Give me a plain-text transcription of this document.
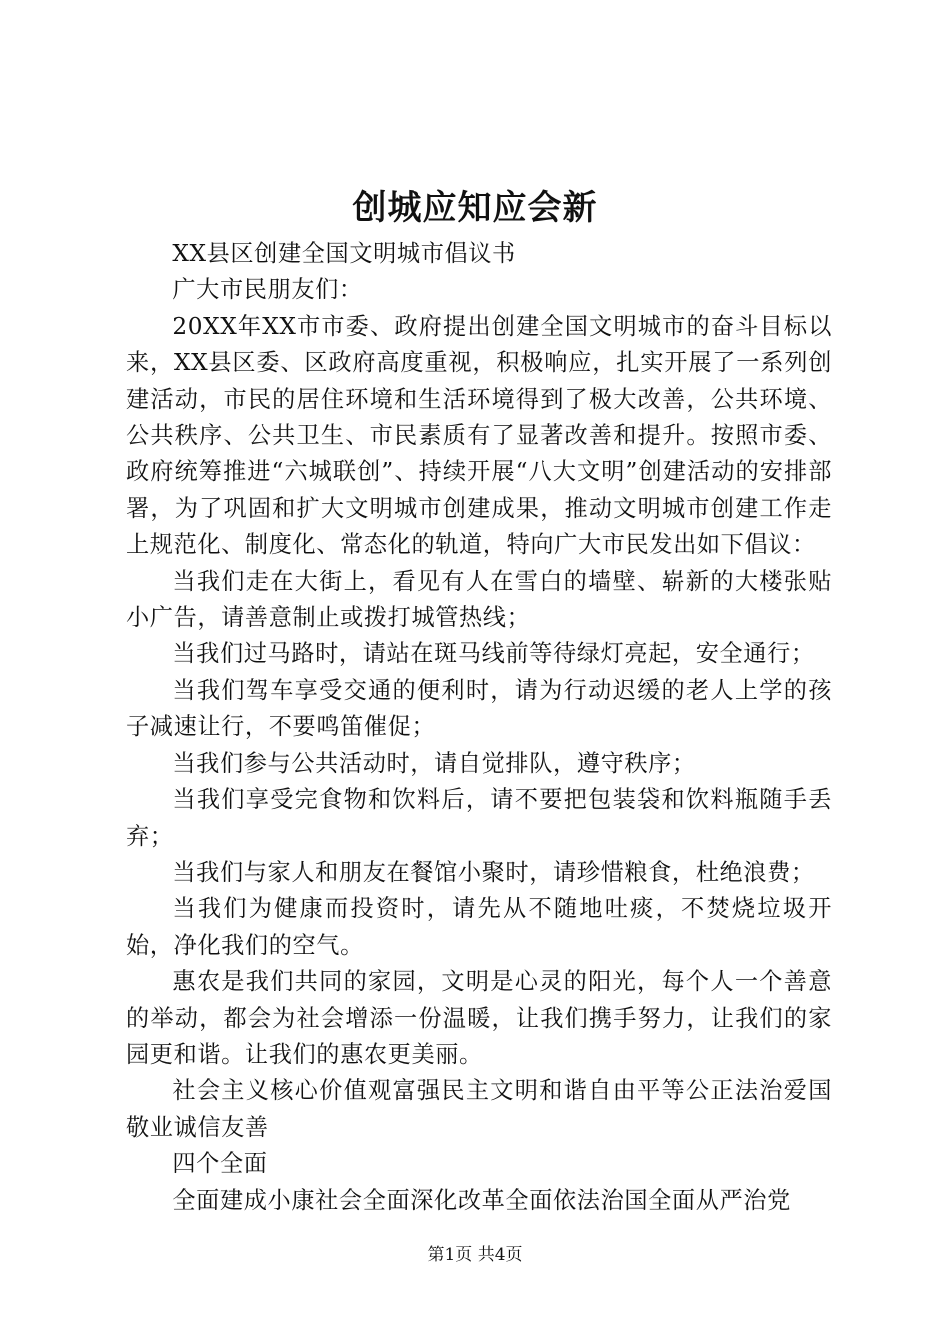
创城应知应会新

XX县区创建全国文明城市倡议书

广大市民朋友们：

20XX年XX市市委、政府提出创建全国文明城市的奋斗目标以来，XX县区委、区政府高度重视，积极响应，扎实开展了一系列创建活动，市民的居住环境和生活环境得到了极大改善，公共环境、公共秩序、公共卫生、市民素质有了显著改善和提升。按照市委、政府统筹推进“六城联创”、持续开展“八大文明”创建活动的安排部署，为了巩固和扩大文明城市创建成果，推动文明城市创建工作走上规范化、制度化、常态化的轨道，特向广大市民发出如下倡议：

当我们走在大街上，看见有人在雪白的墙壁、崭新的大楼张贴小广告，请善意制止或拨打城管热线；

当我们过马路时，请站在斑马线前等待绿灯亮起，安全通行；

当我们驾车享受交通的便利时，请为行动迟缓的老人上学的孩子减速让行，不要鸣笛催促；

当我们参与公共活动时，请自觉排队，遵守秩序；

当我们享受完食物和饮料后，请不要把包装袋和饮料瓶随手丢弃；

当我们与家人和朋友在餐馆小聚时，请珍惜粮食，杜绝浪费；

当我们为健康而投资时，请先从不随地吐痰，不焚烧垃圾开始，净化我们的空气。

惠农是我们共同的家园，文明是心灵的阳光，每个人一个善意的举动，都会为社会增添一份温暖，让我们携手努力，让我们的家园更和谐。让我们的惠农更美丽。

社会主义核心价值观富强民主文明和谐自由平等公正法治爱国敬业诚信友善

四个全面

全面建成小康社会全面深化改革全面依法治国全面从严治党

第1页 共4页
